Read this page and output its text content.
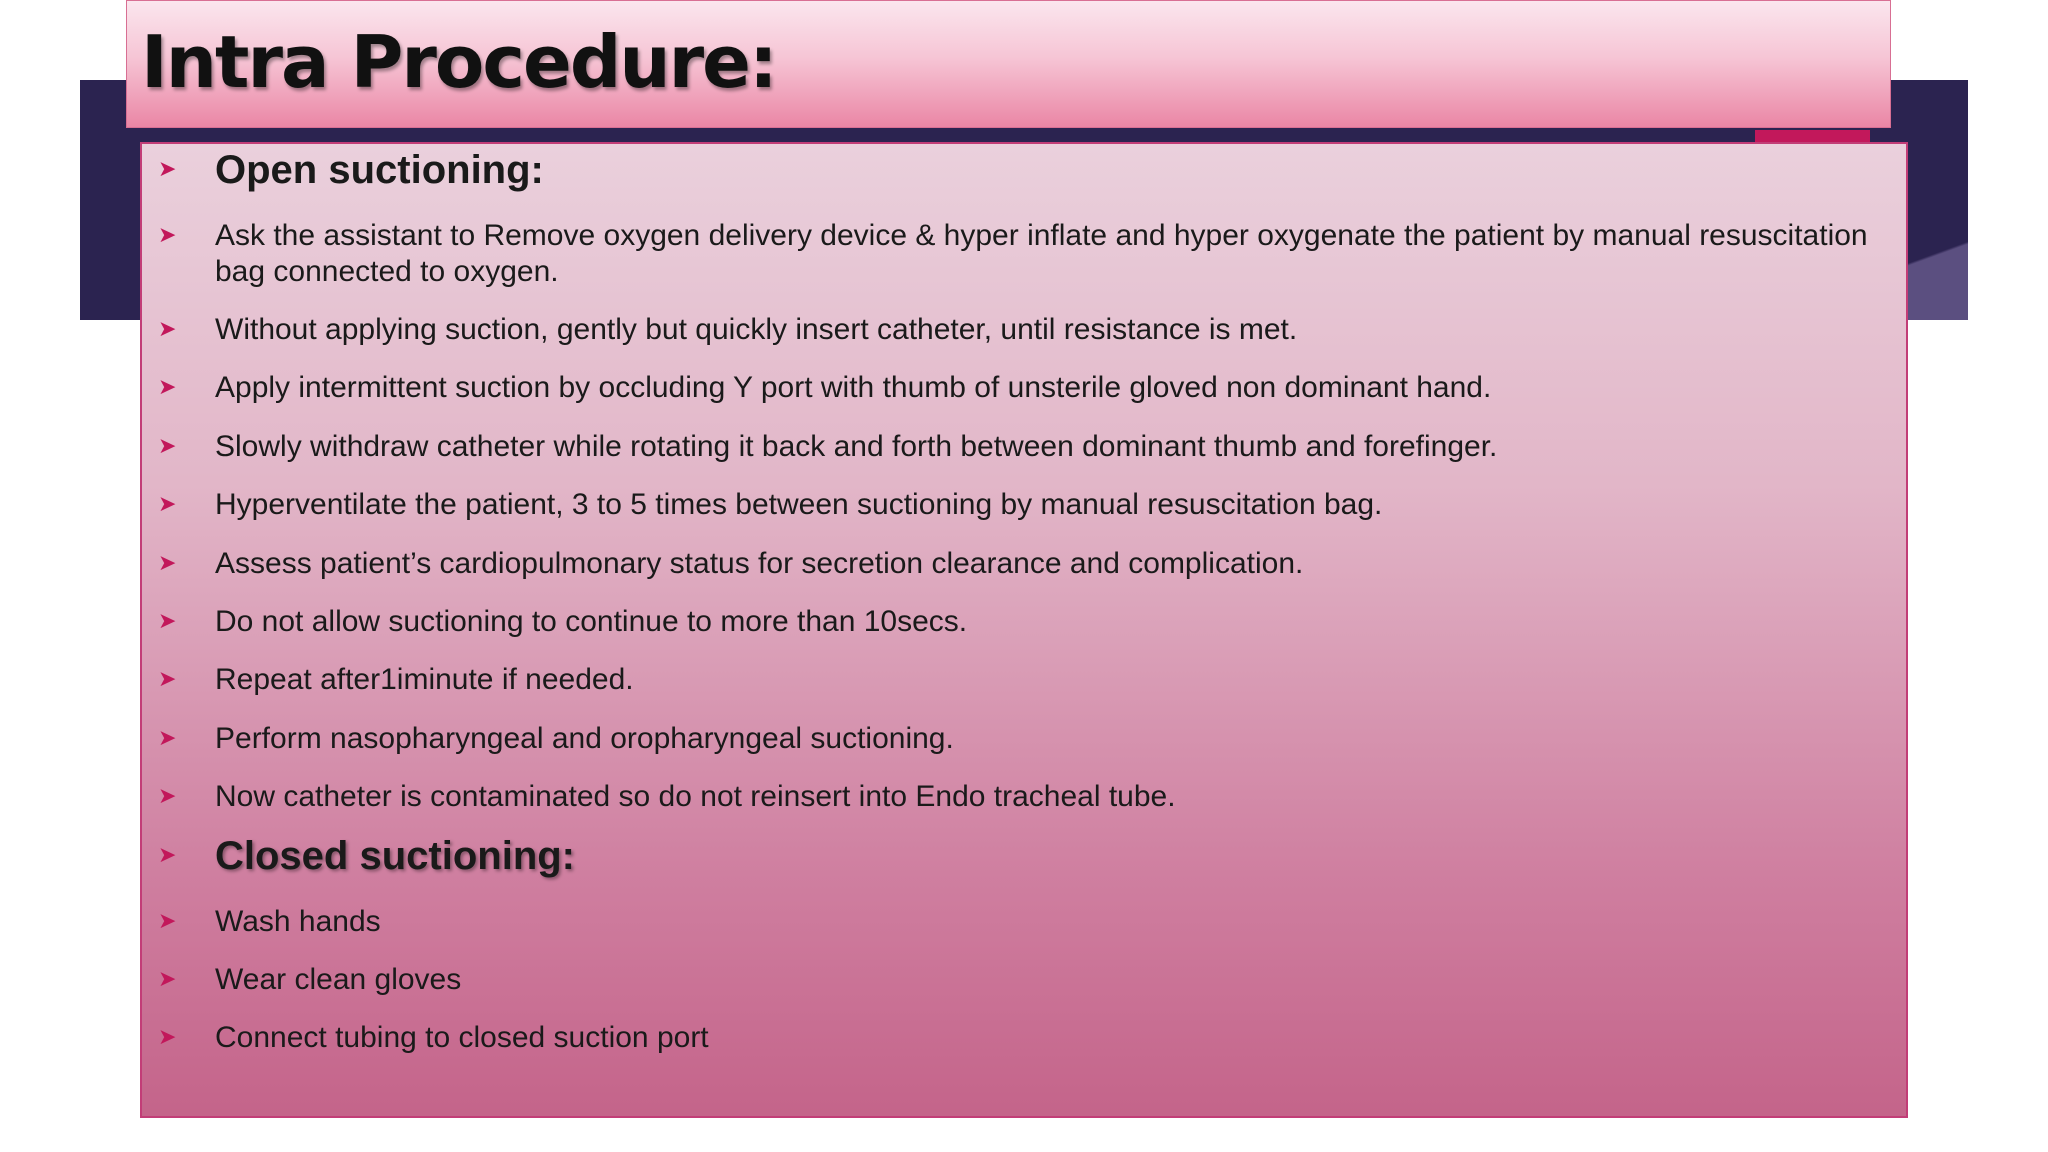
Intra Procedure:
➤ Open suctioning:
➤ Ask the assistant to Remove oxygen delivery device & hyper inflate and hyper oxygenate the patient by manual resuscitation bag connected to oxygen.
➤ Without applying suction, gently but quickly insert catheter, until resistance is met.
➤ Apply intermittent suction by occluding Y port with thumb of unsterile gloved non dominant hand.
➤ Slowly withdraw catheter while rotating it back and forth between dominant thumb and forefinger.
➤ Hyperventilate the patient, 3 to 5 times between suctioning by manual resuscitation bag.
➤ Assess patient’s cardiopulmonary status for secretion clearance and complication.
➤ Do not allow suctioning to continue to more than 10secs.
➤ Repeat after1iminute if needed.
➤ Perform nasopharyngeal and oropharyngeal suctioning.
➤ Now catheter is contaminated so do not reinsert into Endo tracheal tube.
➤ Closed suctioning:
➤ Wash hands
➤ Wear clean gloves
➤ Connect tubing to closed suction port
